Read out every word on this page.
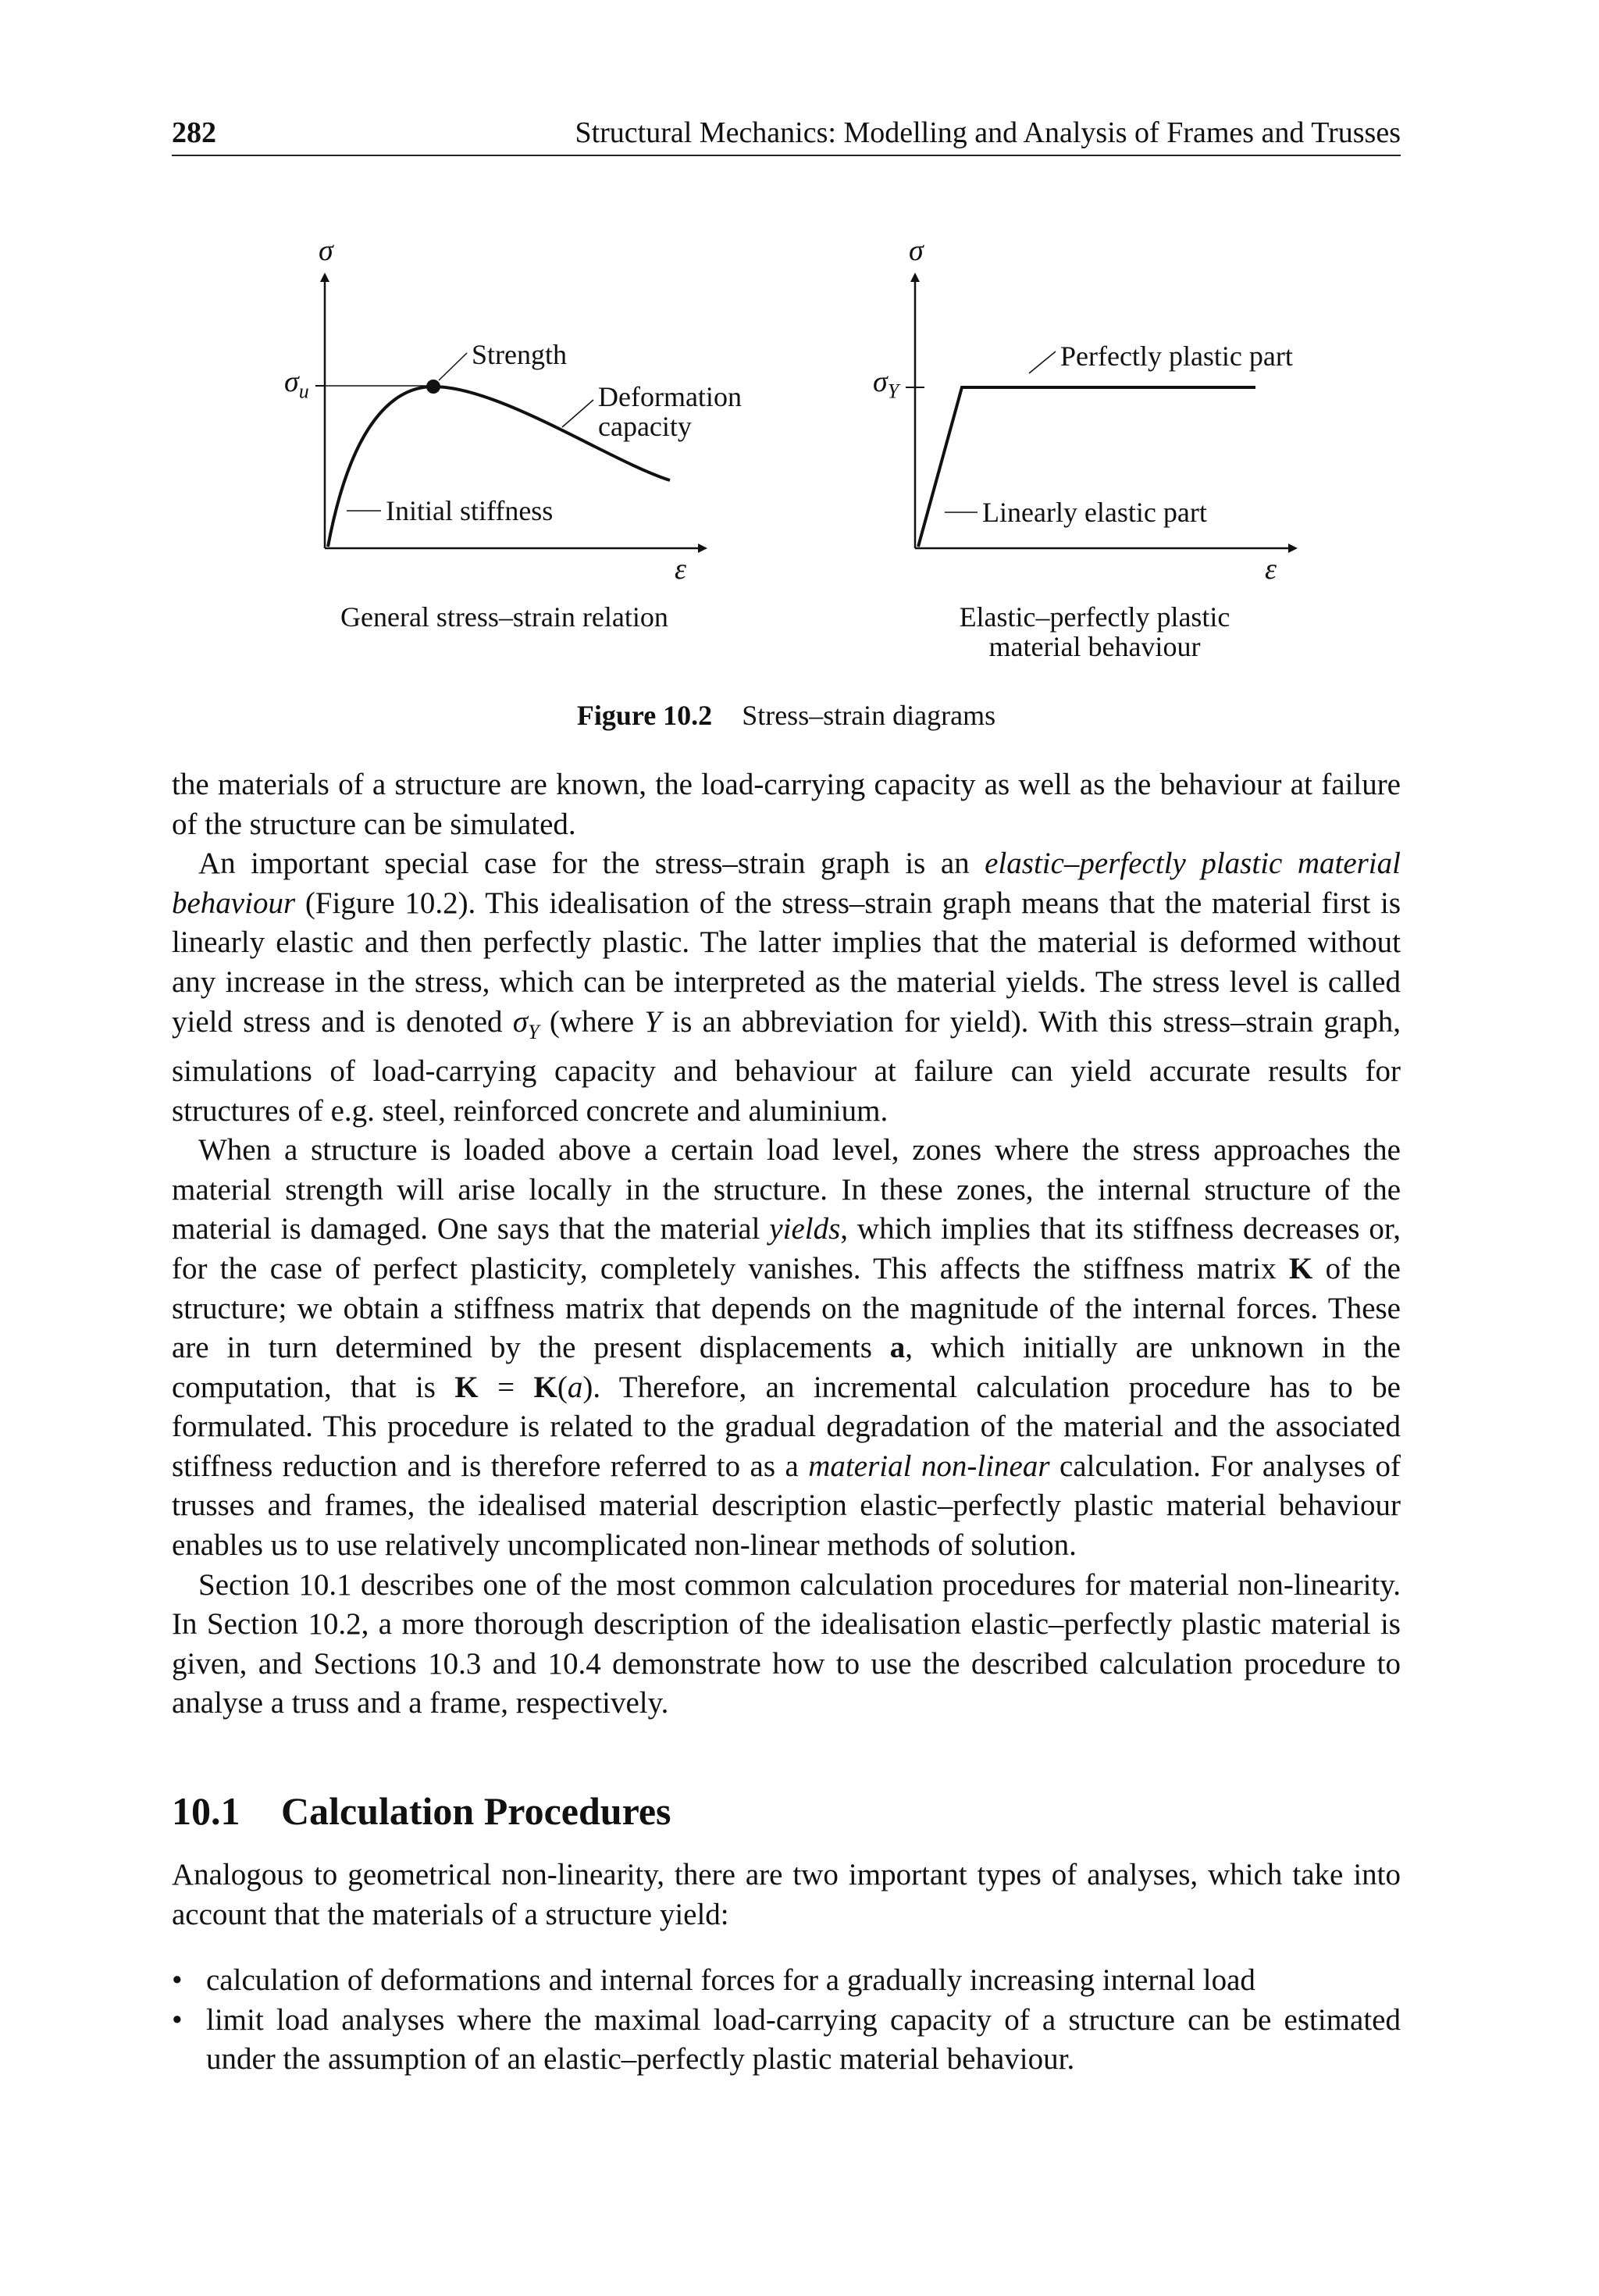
282	Structural Mechanics: Modelling and Analysis of Frames and Trusses
σ
ε
$\sigma_u$
Strength
Deformation
capacity
Initial stiffness
General stress–strain relation
σ
ε
$\sigma_Y$
Perfectly plastic part
Linearly elastic part
Elastic–perfectly plastic
material behaviour
Figure 10.2 Stress–strain diagrams

the materials of a structure are known, the load-carrying capacity as well as the behaviour at failure of the structure can be simulated.

An important special case for the stress–strain graph is an elastic–perfectly plastic material behaviour (Figure 10.2). This idealisation of the stress–strain graph means that the material first is linearly elastic and then perfectly plastic. The latter implies that the material is deformed without any increase in the stress, which can be interpreted as the material yields. The stress level is called yield stress and is denoted $\sigma_Y$ (where Y is an abbreviation for yield). With this stress–strain graph, simulations of load-carrying capacity and behaviour at failure can yield accurate results for structures of e.g. steel, reinforced concrete and aluminium.

When a structure is loaded above a certain load level, zones where the stress approaches the material strength will arise locally in the structure. In these zones, the internal structure of the material is damaged. One says that the material yields, which implies that its stiffness decreases or, for the case of perfect plasticity, completely vanishes. This affects the stiffness matrix K of the structure; we obtain a stiffness matrix that depends on the magnitude of the internal forces. These are in turn determined by the present displacements a, which initially are unknown in the computation, that is K = K(a). Therefore, an incremental calculation procedure has to be formulated. This procedure is related to the gradual degradation of the material and the associated stiffness reduction and is therefore referred to as a material non-linear calculation. For analyses of trusses and frames, the idealised material description elastic–perfectly plastic material behaviour enables us to use relatively uncomplicated non-linear methods of solution.

Section 10.1 describes one of the most common calculation procedures for material non-linearity. In Section 10.2, a more thorough description of the idealisation elastic–perfectly plastic material is given, and Sections 10.3 and 10.4 demonstrate how to use the described calculation procedure to analyse a truss and a frame, respectively.

10.1 Calculation Procedures

Analogous to geometrical non-linearity, there are two important types of analyses, which take into account that the materials of a structure yield:

• calculation of deformations and internal forces for a gradually increasing internal load
• limit load analyses where the maximal load-carrying capacity of a structure can be estimated under the assumption of an elastic–perfectly plastic material behaviour.
